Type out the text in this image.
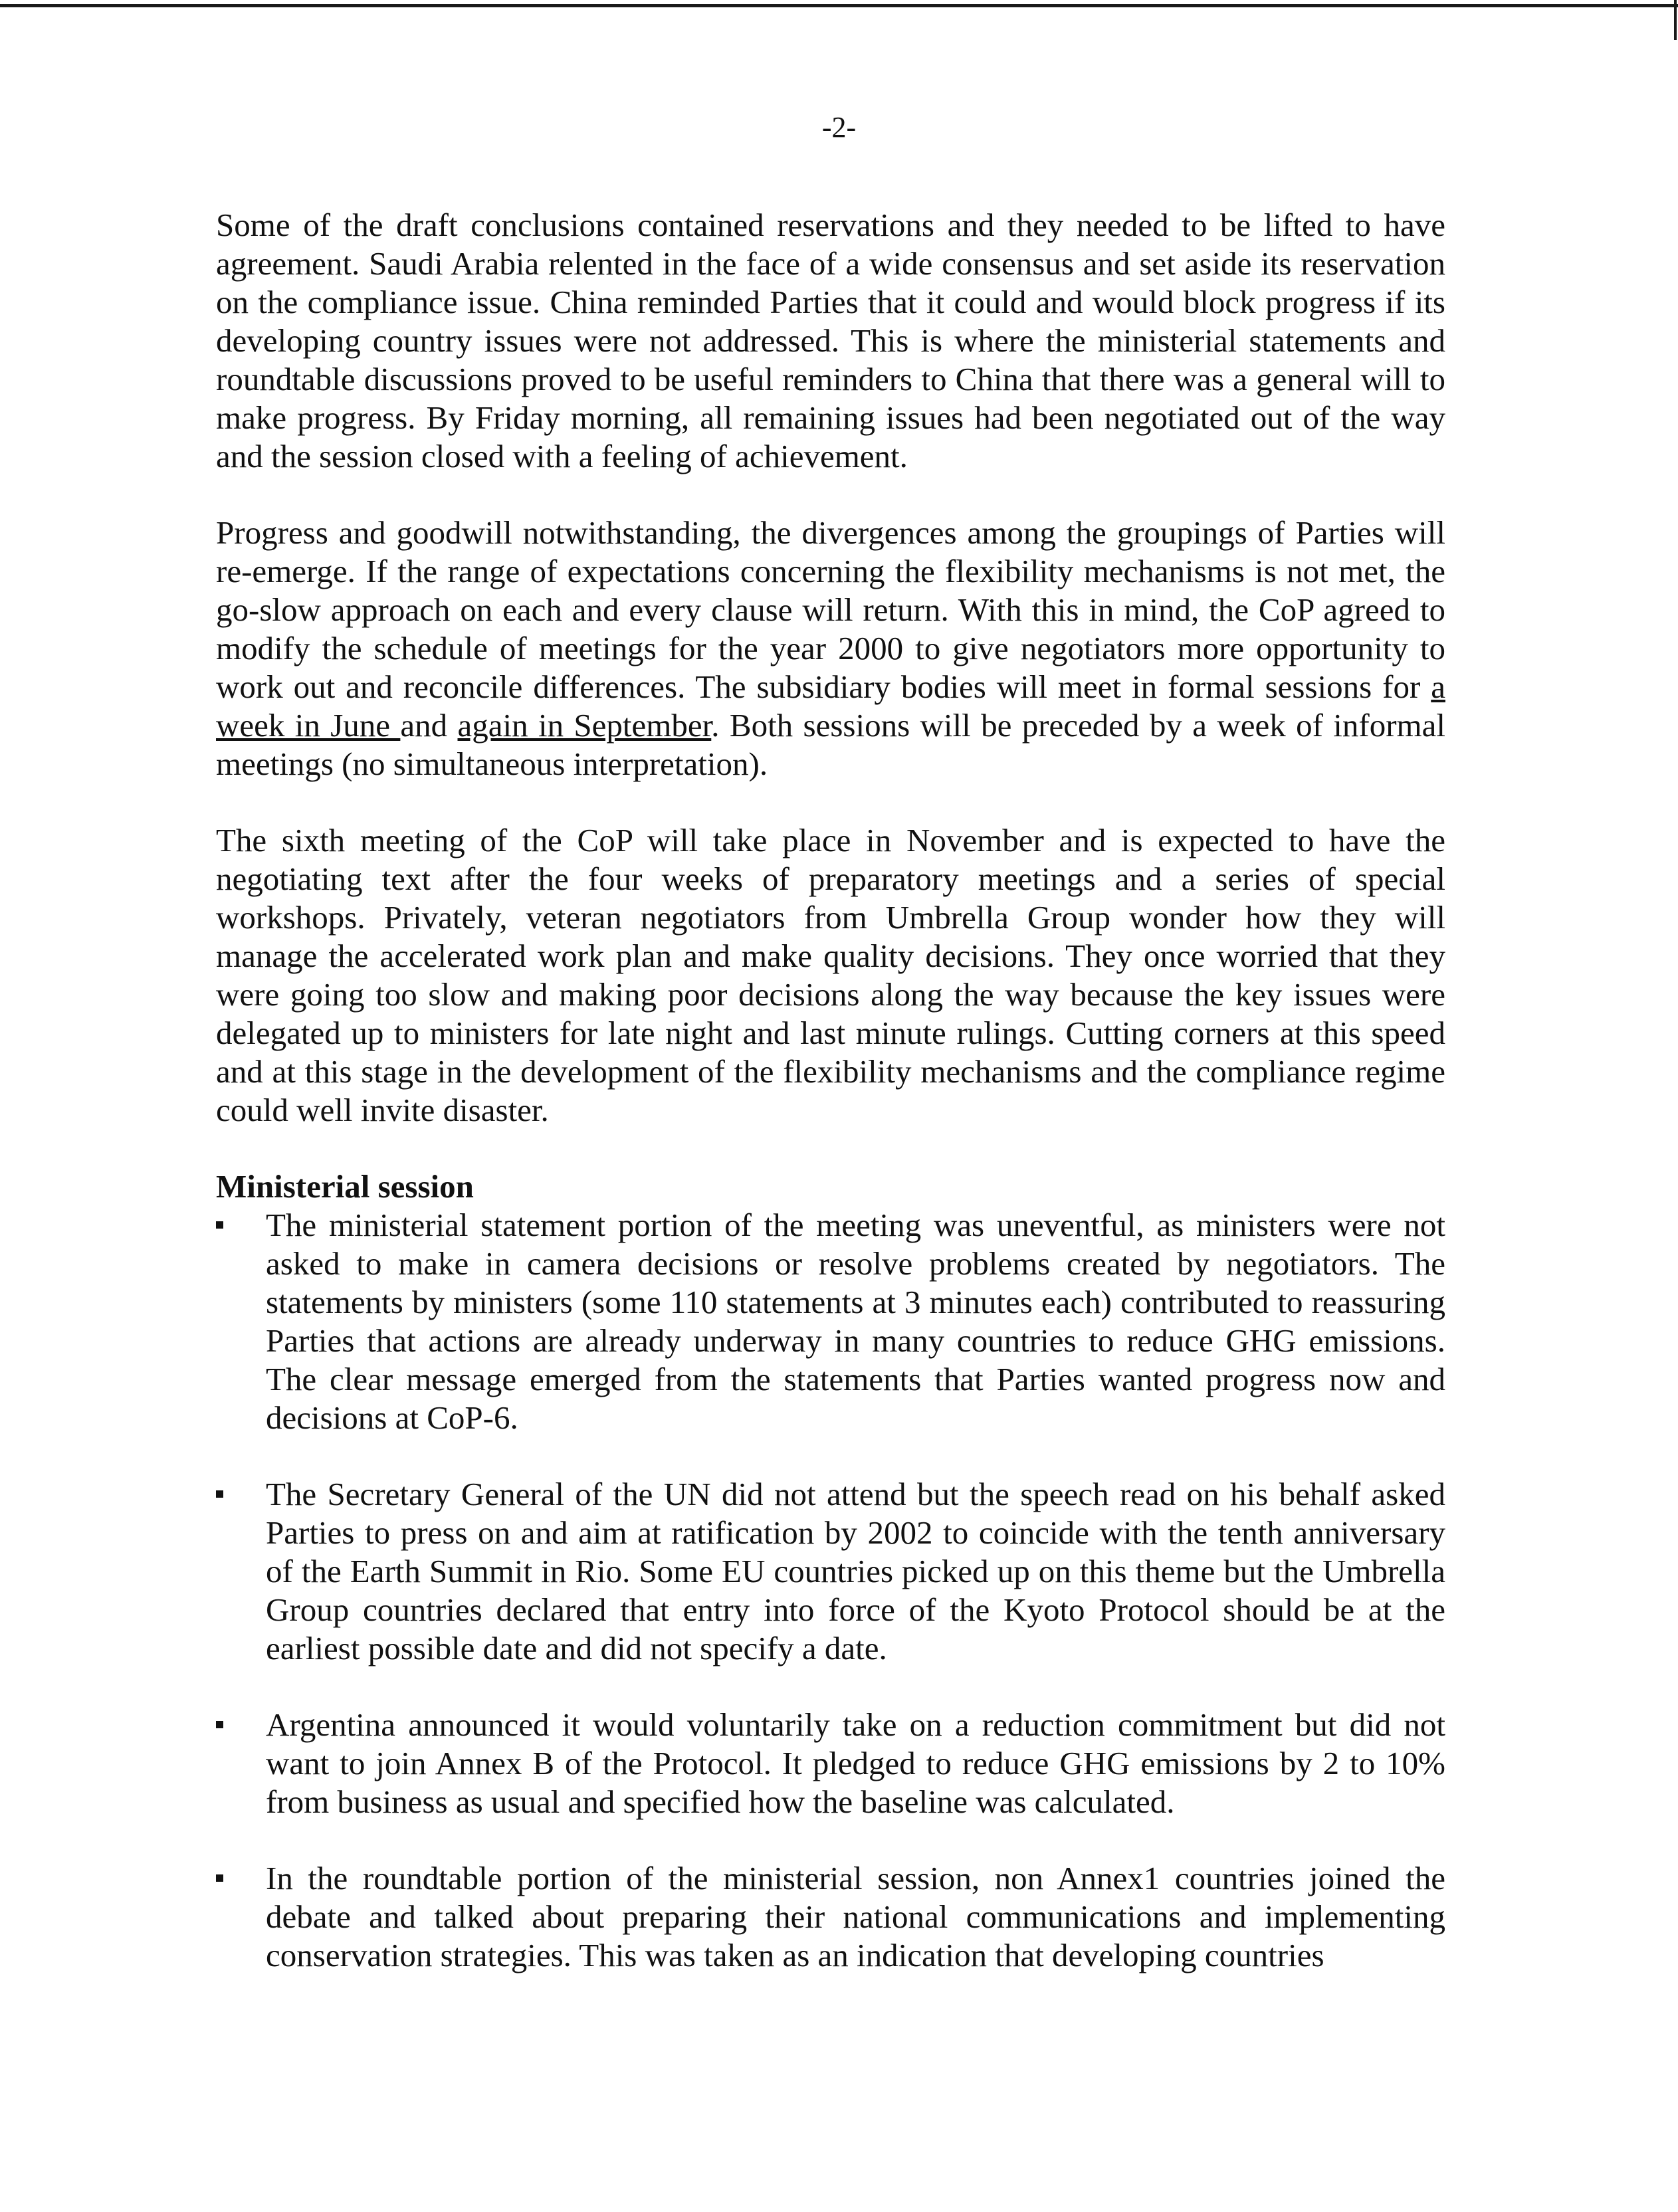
-2-

Some of the draft conclusions contained reservations and they needed to be lifted to have agreement. Saudi Arabia relented in the face of a wide consensus and set aside its reservation on the compliance issue. China reminded Parties that it could and would block progress if its developing country issues were not addressed. This is where the ministerial statements and roundtable discussions proved to be useful reminders to China that there was a general will to make progress. By Friday morning, all remaining issues had been negotiated out of the way and the session closed with a feeling of achievement.

Progress and goodwill notwithstanding, the divergences among the groupings of Parties will re-emerge. If the range of expectations concerning the flexibility mechanisms is not met, the go-slow approach on each and every clause will return. With this in mind, the CoP agreed to modify the schedule of meetings for the year 2000 to give negotiators more opportunity to work out and reconcile differences. The subsidiary bodies will meet in formal sessions for a week in June and again in September. Both sessions will be preceded by a week of informal meetings (no simultaneous interpretation).

The sixth meeting of the CoP will take place in November and is expected to have the negotiating text after the four weeks of preparatory meetings and a series of special workshops. Privately, veteran negotiators from Umbrella Group wonder how they will manage the accelerated work plan and make quality decisions. They once worried that they were going too slow and making poor decisions along the way because the key issues were delegated up to ministers for late night and last minute rulings. Cutting corners at this speed and at this stage in the development of the flexibility mechanisms and the compliance regime could well invite disaster.

Ministerial session

The ministerial statement portion of the meeting was uneventful, as ministers were not asked to make in camera decisions or resolve problems created by negotiators. The statements by ministers (some 110 statements at 3 minutes each) contributed to reassuring Parties that actions are already underway in many countries to reduce GHG emissions. The clear message emerged from the statements that Parties wanted progress now and decisions at CoP-6.
The Secretary General of the UN did not attend but the speech read on his behalf asked Parties to press on and aim at ratification by 2002 to coincide with the tenth anniversary of the Earth Summit in Rio. Some EU countries picked up on this theme but the Umbrella Group countries declared that entry into force of the Kyoto Protocol should be at the earliest possible date and did not specify a date.
Argentina announced it would voluntarily take on a reduction commitment but did not want to join Annex B of the Protocol. It pledged to reduce GHG emissions by 2 to 10% from business as usual and specified how the baseline was calculated.
In the roundtable portion of the ministerial session, non Annex1 countries joined the debate and talked about preparing their national communications and implementing conservation strategies. This was taken as an indication that developing countries
